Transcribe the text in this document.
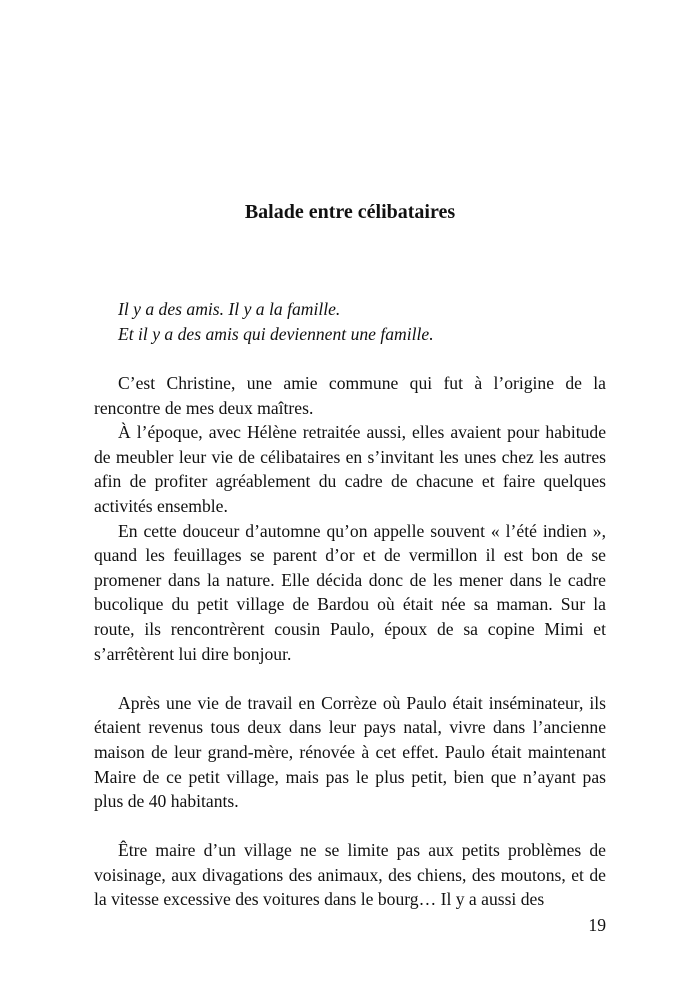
Balade entre célibataires

Il y a des amis. Il y a la famille.

Et il y a des amis qui deviennent une famille.

C’est Christine, une amie commune qui fut à l’origine de la rencontre de mes deux maîtres.

À l’époque, avec Hélène retraitée aussi, elles avaient pour habitude de meubler leur vie de célibataires en s’invitant les unes chez les autres afin de profiter agréablement du cadre de chacune et faire quelques activités ensemble.

En cette douceur d’automne qu’on appelle souvent « l’été indien », quand les feuillages se parent d’or et de vermillon il est bon de se promener dans la nature. Elle décida donc de les mener dans le cadre bucolique du petit village de Bardou où était née sa maman. Sur la route, ils rencontrèrent cousin Paulo, époux de sa copine Mimi et s’arrêtèrent lui dire bonjour.

Après une vie de travail en Corrèze où Paulo était inséminateur, ils étaient revenus tous deux dans leur pays natal, vivre dans l’ancienne maison de leur grand-mère, rénovée à cet effet. Paulo était maintenant Maire de ce petit village, mais pas le plus petit, bien que n’ayant pas plus de 40 habitants.

Être maire d’un village ne se limite pas aux petits problèmes de voisinage, aux divagations des animaux, des chiens, des moutons, et de la vitesse excessive des voitures dans le bourg… Il y a aussi des

19
